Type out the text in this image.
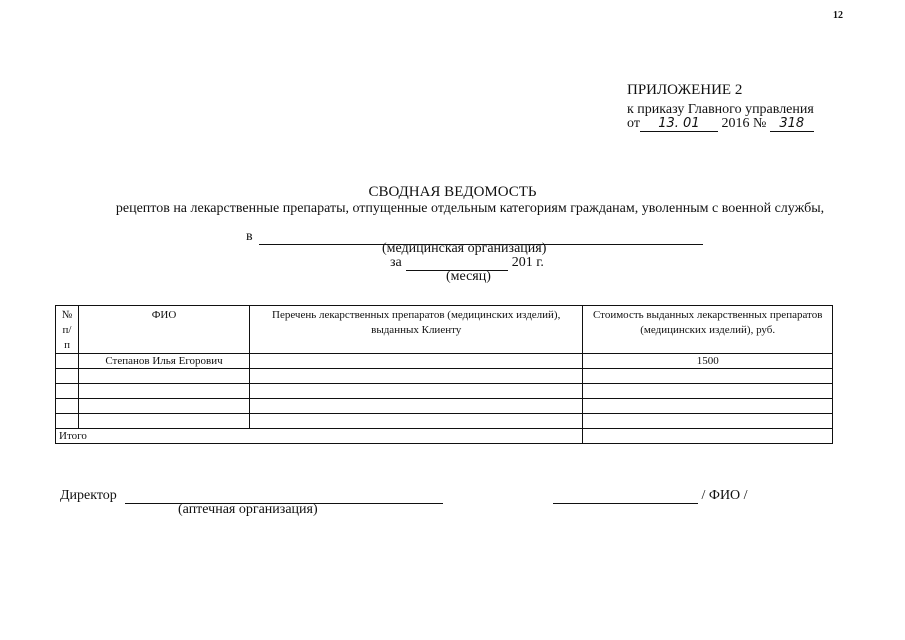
12
ПРИЛОЖЕНИЕ 2
к приказу Главного управления
от 13. 01 2016 № 318
СВОДНАЯ ВЕДОМОСТЬ
рецептов на лекарственные препараты, отпущенные отдельным категориям гражданам, уволенным с военной службы,
в
(медицинская организация)
за	201 г.
(месяц)
№ п/ п	ФИО	Перечень лекарственных препаратов (медицинских изделий), выданных Клиенту	Стоимость выданных лекарственных препаратов (медицинских изделий), руб.
	Степанов Илья Егорович		1500

Итого			
Директор
(аптечная организация)
/ ФИО /
